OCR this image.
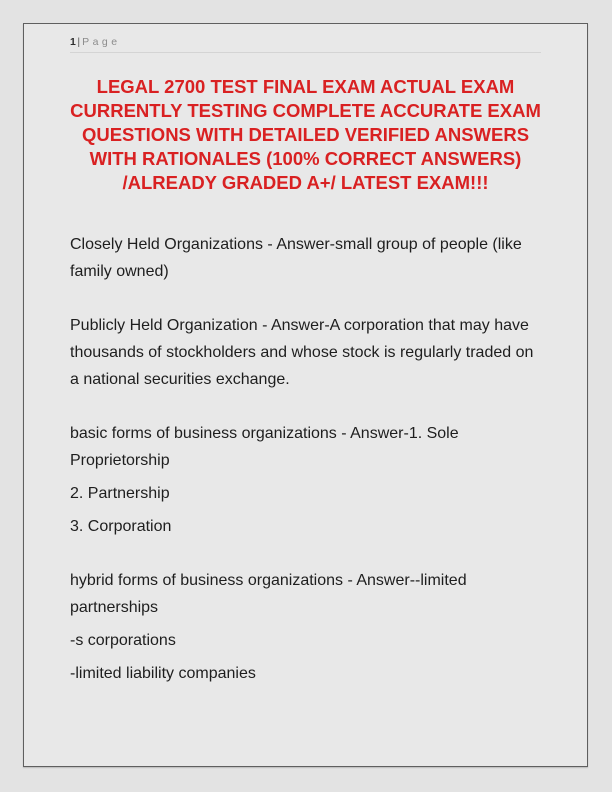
1| Page
LEGAL 2700 TEST FINAL EXAM ACTUAL EXAM
CURRENTLY TESTING COMPLETE ACCURATE EXAM
QUESTIONS WITH DETAILED VERIFIED ANSWERS
WITH RATIONALES (100% CORRECT ANSWERS)
/ALREADY GRADED A+/ LATEST EXAM!!!

Closely Held Organizations - Answer-small group of people (like family owned)

Publicly Held Organization - Answer-A corporation that may have thousands of stockholders and whose stock is regularly traded on a national securities exchange.

basic forms of business organizations - Answer-1. Sole Proprietorship

2. Partnership

3. Corporation

hybrid forms of business organizations - Answer--limited partnerships

-s corporations

-limited liability companies
